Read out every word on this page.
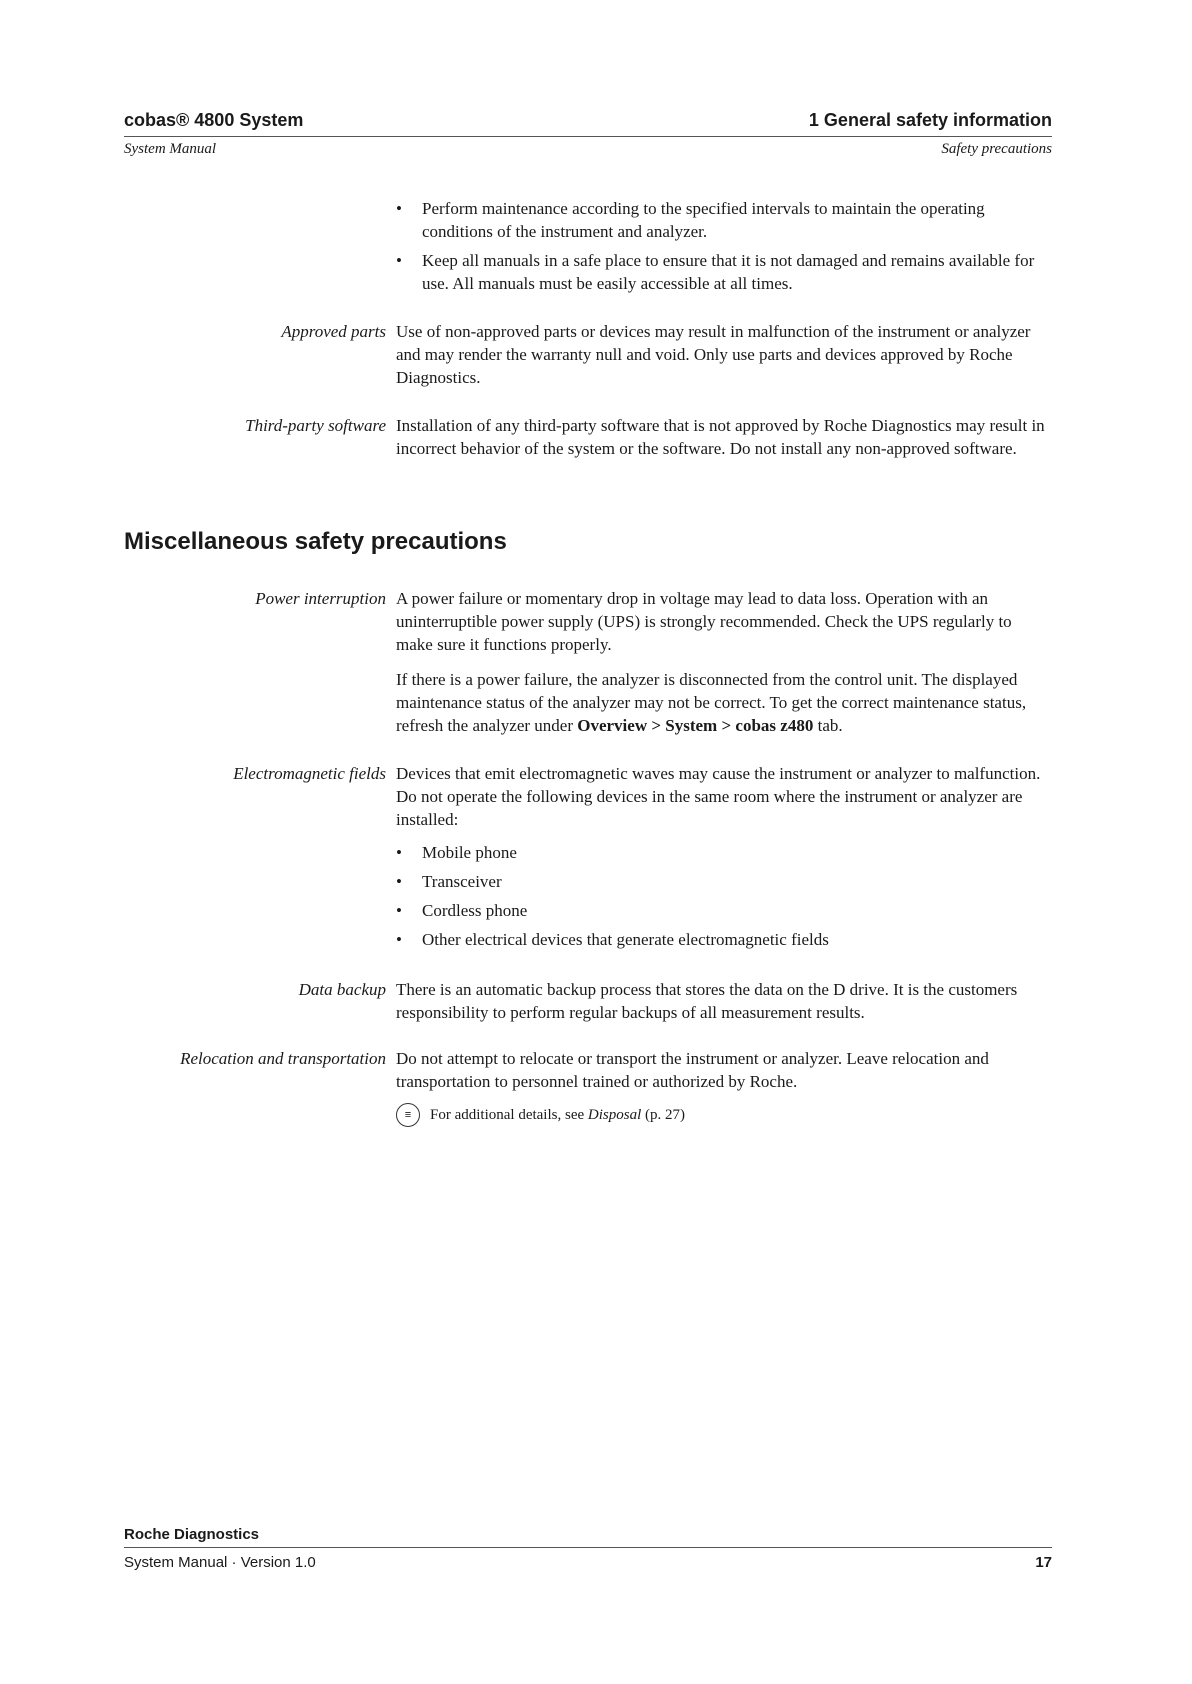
cobas® 4800 System	1 General safety information
System Manual	Safety precautions
• Perform maintenance according to the specified intervals to maintain the operating conditions of the instrument and analyzer.
• Keep all manuals in a safe place to ensure that it is not damaged and remains available for use. All manuals must be easily accessible at all times.
Approved parts Use of non-approved parts or devices may result in malfunction of the instrument or analyzer and may render the warranty null and void. Only use parts and devices approved by Roche Diagnostics.

Third-party software Installation of any third-party software that is not approved by Roche Diagnostics may result in incorrect behavior of the system or the software. Do not install any non-approved software.

Miscellaneous safety precautions
Power interruption A power failure or momentary drop in voltage may lead to data loss. Operation with an uninterruptible power supply (UPS) is strongly recommended. Check the UPS regularly to make sure it functions properly.

If there is a power failure, the analyzer is disconnected from the control unit. The displayed maintenance status of the analyzer may not be correct. To get the correct maintenance status, refresh the analyzer under Overview > System > cobas z480 tab.

Electromagnetic fields Devices that emit electromagnetic waves may cause the instrument or analyzer to malfunction. Do not operate the following devices in the same room where the instrument or analyzer are installed:

• Mobile phone
• Transceiver
• Cordless phone
• Other electrical devices that generate electromagnetic fields
Data backup There is an automatic backup process that stores the data on the D drive. It is the customers responsibility to perform regular backups of all measurement results.

Relocation and transportation Do not attempt to relocate or transport the instrument or analyzer. Leave relocation and transportation to personnel trained or authorized by Roche.

≡	For additional details, see Disposal (p. 27)
Roche Diagnostics
System Manual · Version 1.0	17
